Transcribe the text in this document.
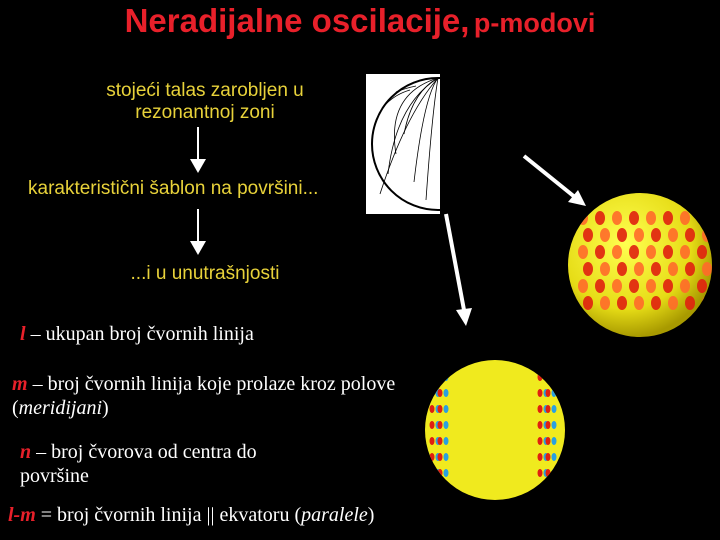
Neradijalne oscilacije, p-modovi
stojeći talas zarobljen u rezonantnoj zoni
karakteristični šablon na površini...
...i u unutrašnjosti
l – ukupan broj čvornih linija
m – broj čvornih linija koje prolaze kroz polove (meridijani)
n – broj čvorova od centra do površine
l-m = broj čvornih linija || ekvatoru (paralele)
